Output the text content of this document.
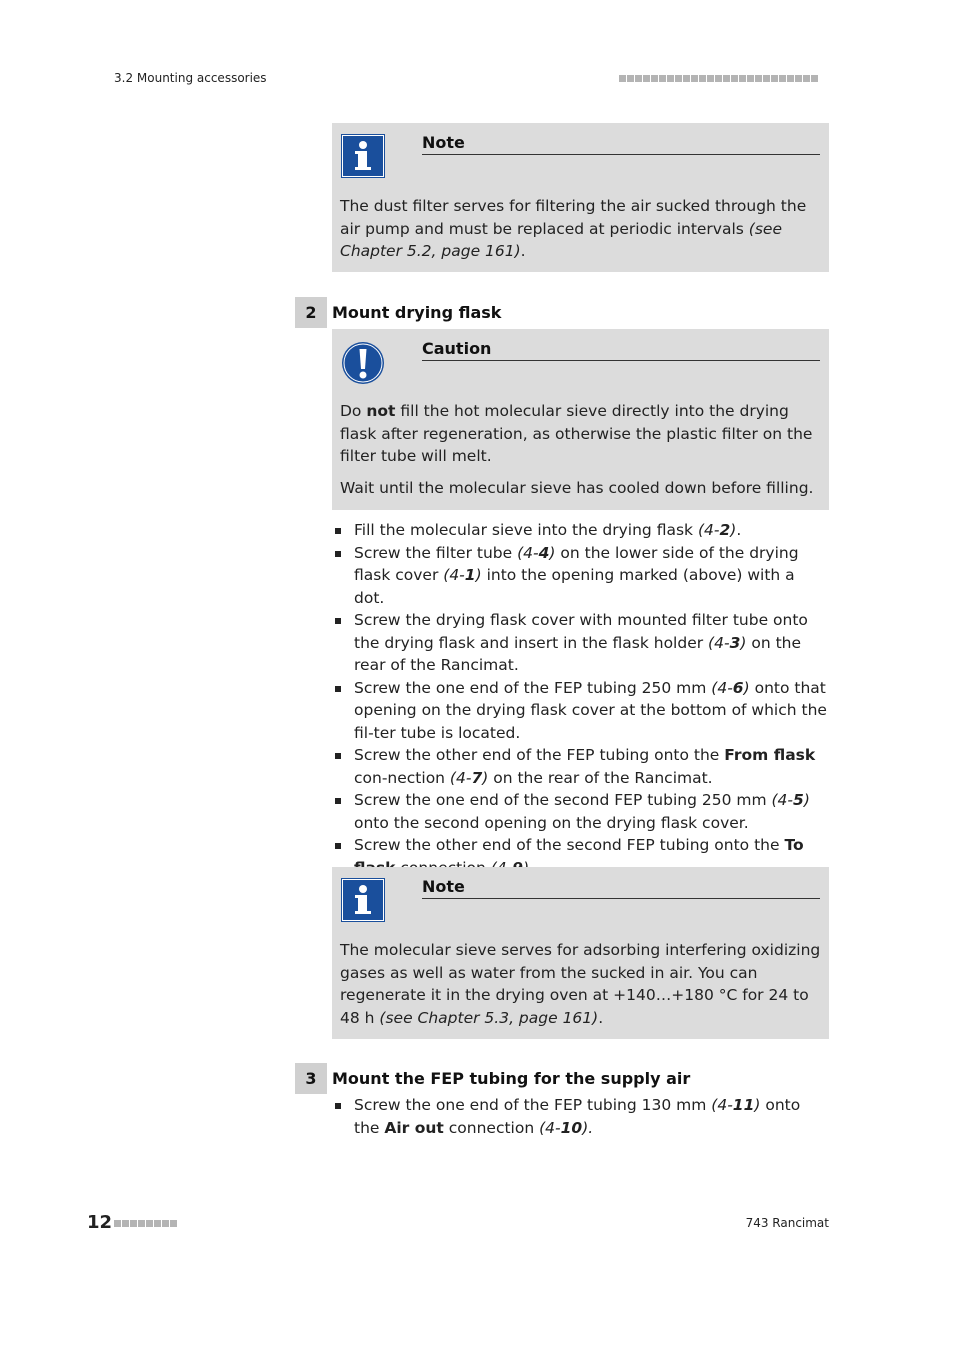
3.2 Mounting accessories
Note

The dust filter serves for filtering the air sucked through the air pump and must be replaced at periodic intervals (see Chapter 5.2, page 161).

2 Mount drying flask
Caution

Do not fill the hot molecular sieve directly into the drying flask after regeneration, as otherwise the plastic filter on the filter tube will melt.

Wait until the molecular sieve has cooled down before filling.

Fill the molecular sieve into the drying flask (4-2).
Screw the filter tube (4-4) on the lower side of the drying flask cover (4-1) into the opening marked (above) with a dot.
Screw the drying flask cover with mounted filter tube onto the drying flask and insert in the flask holder (4-3) on the rear of the Rancimat.
Screw the one end of the FEP tubing 250 mm (4-6) onto that opening on the drying flask cover at the bottom of which the fil-ter tube is located.
Screw the other end of the FEP tubing onto the From flask con-nection (4-7) on the rear of the Rancimat.
Screw the one end of the second FEP tubing 250 mm (4-5) onto the second opening on the drying flask cover.
Screw the other end of the second FEP tubing onto the To
Note

The molecular sieve serves for adsorbing interfering oxidizing gases as well as water from the sucked in air. You can regenerate it in the drying oven at +140…+180 °C for 24 to 48 h (see Chapter 5.3, page 161).

3 Mount the FEP tubing for the supply air
Screw the one end of the FEP tubing 130 mm (4-11) onto the Air out connection (4-10).
12	743 Rancimat
